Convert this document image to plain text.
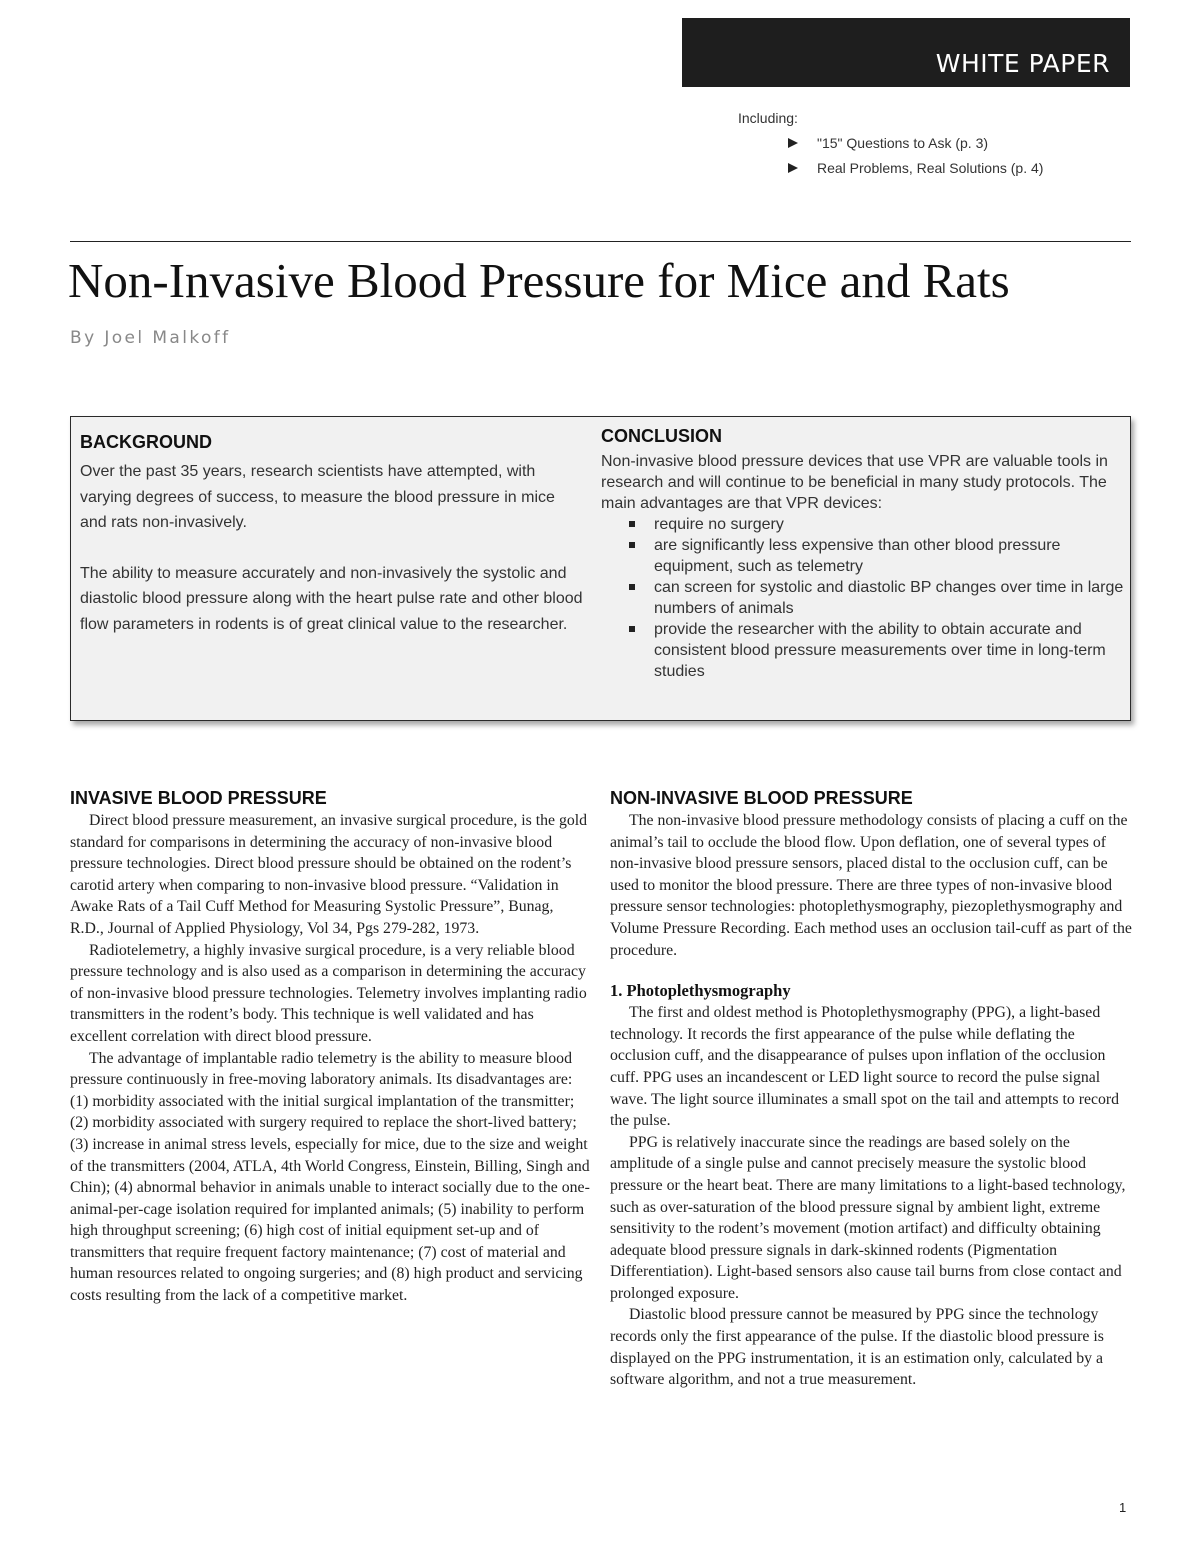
WHITE PAPER
Including:
"15" Questions to Ask (p. 3)
Real Problems, Real Solutions (p. 4)
Non-Invasive Blood Pressure for Mice and Rats
By Joel Malkoff
BACKGROUND

Over the past 35 years, research scientists have attempted, with varying degrees of success, to measure the blood pressure in mice and rats non-invasively.

The ability to measure accurately and non-invasively the systolic and diastolic blood pressure along with the heart pulse rate and other blood flow parameters in rodents is of great clinical value to the researcher.

CONCLUSION

Non-invasive blood pressure devices that use VPR are valuable tools in research and will continue to be beneficial in many study protocols. The main advantages are that VPR devices:

require no surgery
are significantly less expensive than other blood pressure equipment, such as telemetry
can screen for systolic and diastolic BP changes over time in large numbers of animals
provide the researcher with the ability to obtain accurate and consistent blood pressure measurements over time in long-term studies
INVASIVE BLOOD PRESSURE

Direct blood pressure measurement, an invasive surgical procedure, is the gold standard for comparisons in determining the accuracy of non-invasive blood pressure technologies. Direct blood pressure should be obtained on the rodent’s carotid artery when comparing to non-invasive blood pressure. “Validation in Awake Rats of a Tail Cuff Method for Measuring Systolic Pressure”, Bunag, R.D., Journal of Applied Physiology, Vol 34, Pgs 279-282, 1973.

Radiotelemetry, a highly invasive surgical procedure, is a very reliable blood pressure technology and is also used as a comparison in determining the accuracy of non-invasive blood pressure technologies. Telemetry involves implanting radio transmitters in the rodent’s body. This technique is well validated and has excellent correlation with direct blood pressure.

The advantage of implantable radio telemetry is the ability to measure blood pressure continuously in free-moving laboratory animals. Its disadvantages are: (1) morbidity associated with the initial surgical implantation of the transmitter; (2) morbidity associated with surgery required to replace the short-lived battery; (3) increase in animal stress levels, especially for mice, due to the size and weight of the transmitters (2004, ATLA, 4th World Congress, Einstein, Billing, Singh and Chin); (4) abnormal behavior in animals unable to interact socially due to the one-animal-per-cage isolation required for implanted animals; (5) inability to perform high throughput screening; (6) high cost of initial equipment set-up and of transmitters that require frequent factory maintenance; (7) cost of material and human resources related to ongoing surgeries; and (8) high product and servicing costs resulting from the lack of a competitive market.

NON-INVASIVE BLOOD PRESSURE

The non-invasive blood pressure methodology consists of placing a cuff on the animal’s tail to occlude the blood flow. Upon deflation, one of several types of non-invasive blood pressure sensors, placed distal to the occlusion cuff, can be used to monitor the blood pressure. There are three types of non-invasive blood pressure sensor technologies: photoplethysmography, piezoplethysmography and Volume Pressure Recording. Each method uses an occlusion tail-cuff as part of the procedure.

1. Photoplethysmography

The first and oldest method is Photoplethysmography (PPG), a light-based technology. It records the first appearance of the pulse while deflating the occlusion cuff, and the disappearance of pulses upon inflation of the occlusion cuff. PPG uses an incandescent or LED light source to record the pulse signal wave. The light source illuminates a small spot on the tail and attempts to record the pulse.

PPG is relatively inaccurate since the readings are based solely on the amplitude of a single pulse and cannot precisely measure the systolic blood pressure or the heart beat. There are many limitations to a light-based technology, such as over-saturation of the blood pressure signal by ambient light, extreme sensitivity to the rodent’s movement (motion artifact) and difficulty obtaining adequate blood pressure signals in dark-skinned rodents (Pigmentation Differentiation). Light-based sensors also cause tail burns from close contact and prolonged exposure.

Diastolic blood pressure cannot be measured by PPG since the technology records only the first appearance of the pulse. If the diastolic blood pressure is displayed on the PPG instrumentation, it is an estimation only, calculated by a software algorithm, and not a true measurement.

1
